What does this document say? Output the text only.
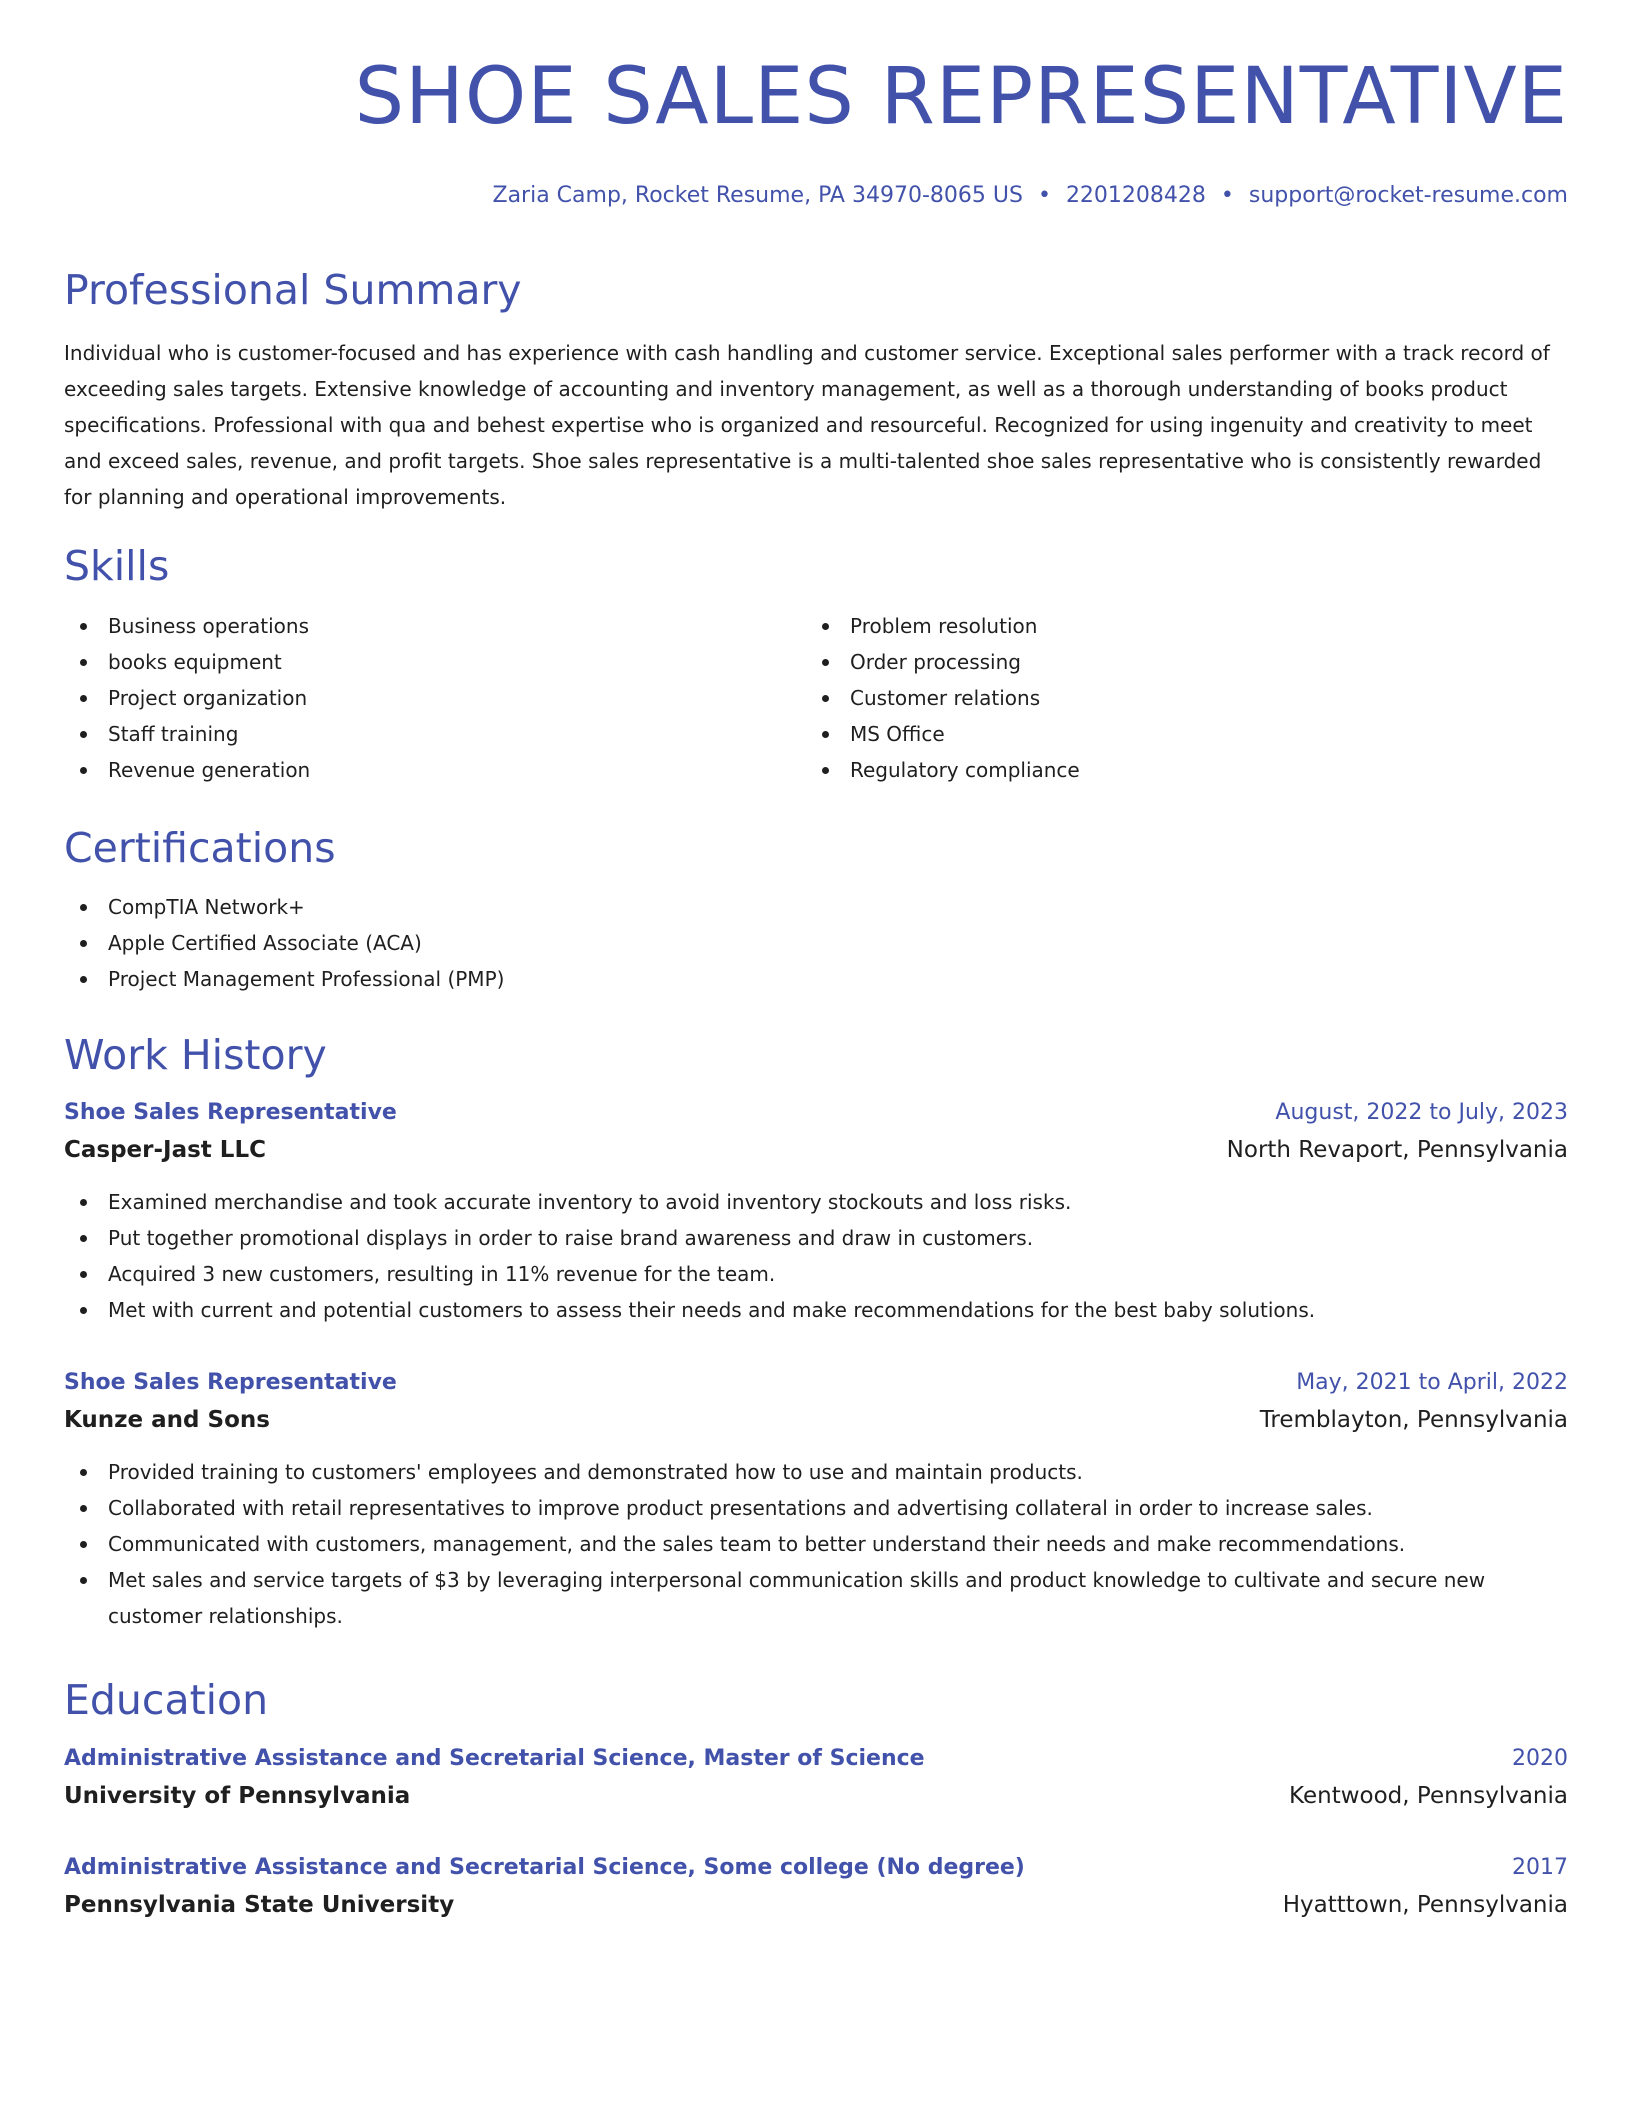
SHOE SALES REPRESENTATIVE
Zaria Camp, Rocket Resume, PA 34970-8065 US • 2201208428 • support@rocket-resume.com
Professional Summary

Individual who is customer-focused and has experience with cash handling and customer service. Exceptional sales performer with a track record of exceeding sales targets. Extensive knowledge of accounting and inventory management, as well as a thorough understanding of books product specifications. Professional with qua and behest expertise who is organized and resourceful. Recognized for using ingenuity and creativity to meet and exceed sales, revenue, and profit targets. Shoe sales representative is a multi-talented shoe sales representative who is consistently rewarded for planning and operational improvements.

Skills
Business operations
books equipment
Project organization
Staff training
Revenue generation
Problem resolution
Order processing
Customer relations
MS Office
Regulatory compliance
Certifications
CompTIA Network+
Apple Certified Associate (ACA)
Project Management Professional (PMP)
Work History
Shoe Sales Representative	August, 2022 to July, 2023
Casper-Jast LLC	North Revaport, Pennsylvania
Examined merchandise and took accurate inventory to avoid inventory stockouts and loss risks.
Put together promotional displays in order to raise brand awareness and draw in customers.
Acquired 3 new customers, resulting in 11% revenue for the team.
Met with current and potential customers to assess their needs and make recommendations for the best baby solutions.
Shoe Sales Representative	May, 2021 to April, 2022
Kunze and Sons	Tremblayton, Pennsylvania
Provided training to customers' employees and demonstrated how to use and maintain products.
Collaborated with retail representatives to improve product presentations and advertising collateral in order to increase sales.
Communicated with customers, management, and the sales team to better understand their needs and make recommendations.
Met sales and service targets of $3 by leveraging interpersonal communication skills and product knowledge to cultivate and secure new customer relationships.
Education
Administrative Assistance and Secretarial Science, Master of Science	2020
University of Pennsylvania	Kentwood, Pennsylvania
Administrative Assistance and Secretarial Science, Some college (No degree)	2017
Pennsylvania State University	Hyatttown, Pennsylvania
